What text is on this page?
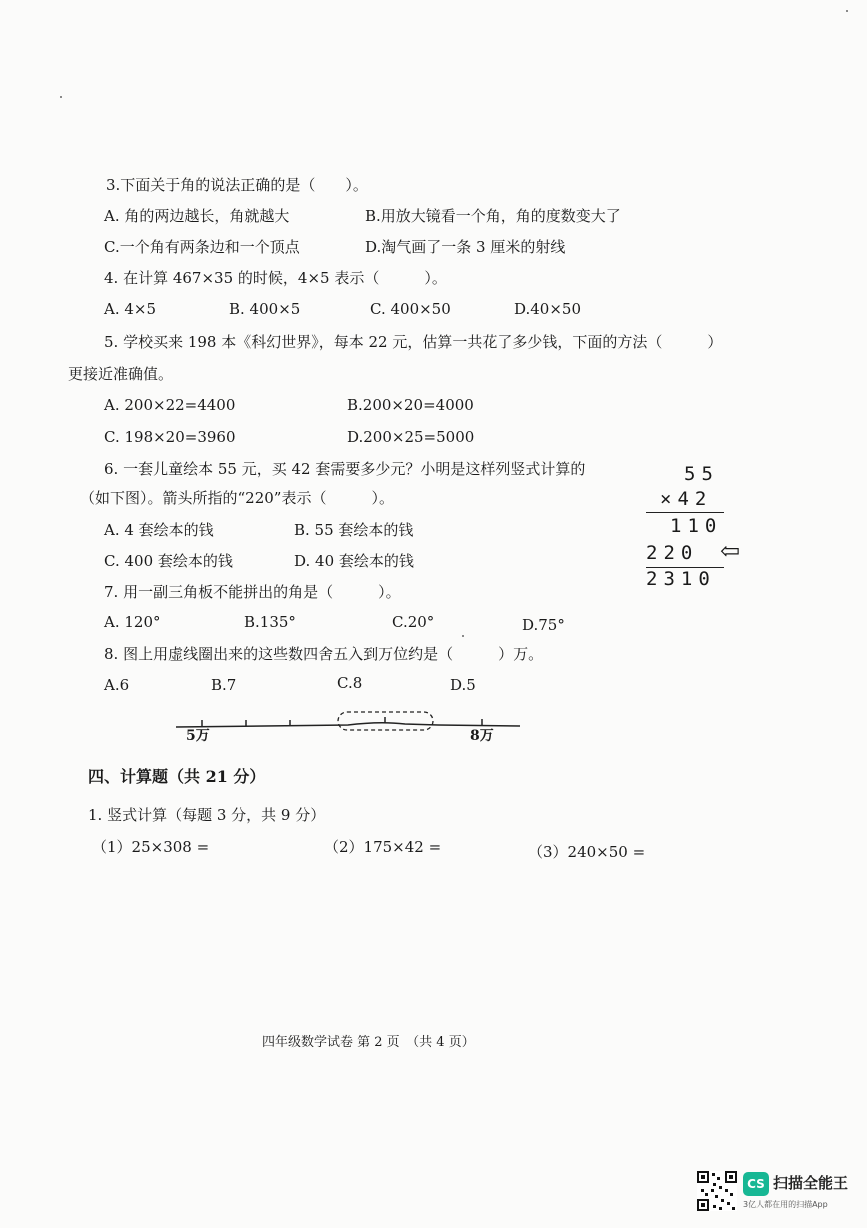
3.下面关于角的说法正确的是（　　）。
A. 角的两边越长，角就越大	B.用放大镜看一个角，角的度数变大了
C.一个角有两条边和一个顶点	D.淘气画了一条 3 厘米的射线
4. 在计算 467×35 的时候，4×5 表示（　　　）。
A. 4×5	B. 400×5	C. 400×50	D.40×50
5. 学校买来 198 本《科幻世界》，每本 22 元，估算一共花了多少钱，下面的方法（　　　）
更接近准确值。
A. 200×22=4400	B.200×20=4000
C. 198×20=3960	D.200×25=5000
6. 一套儿童绘本 55 元，买 42 套需要多少元？小明是这样列竖式计算的
（如下图）。箭头所指的“220”表示（　　　）。
A. 4 套绘本的钱	B. 55 套绘本的钱
C. 400 套绘本的钱	D. 40 套绘本的钱
55
×42
110
220 ⇦
2310
7. 用一副三角板不能拼出的角是（　　　）。
A. 120°	B.135°	C.20°	D.75°
8. 图上用虚线圈出来的这些数四舍五入到万位约是（　　　）万。
A.6	B.7	C.8	D.5
5万	8万
四、计算题（共 21 分）
1. 竖式计算（每题 3 分，共 9 分）
（1）25×308 =	（2）175×42 =	（3）240×50 =
四年级数学试卷 第 2 页　（共 4 页）
CS 扫描全能王
3亿人都在用的扫描App
